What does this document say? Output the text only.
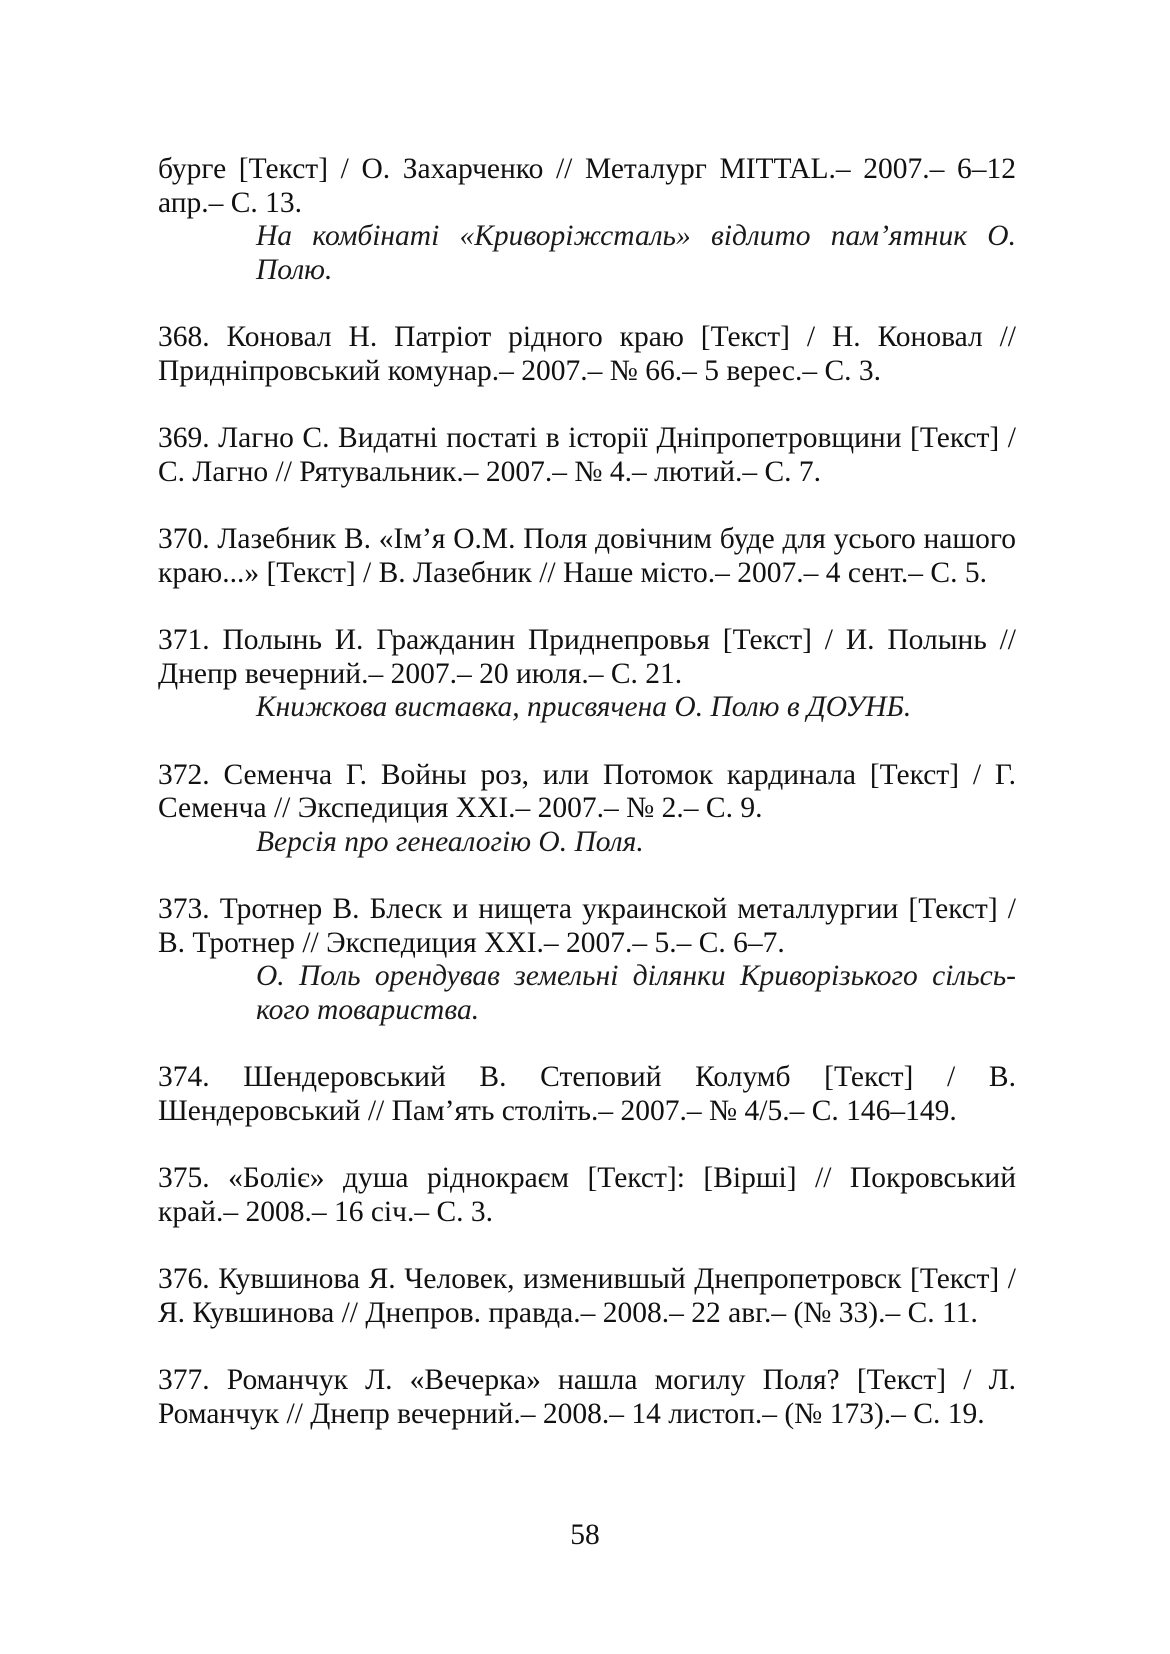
бурге [Текст] / О. Захарченко // Металург MITTAL.– 2007.– 6–12 апр.– С. 13.
На комбінаті «Криворіжсталь» відлито пам’ятник О. Полю.
368. Коновал Н. Патріот рідного краю [Текст] / Н. Коновал // Придніпровський комунар.– 2007.– № 66.– 5 верес.– С. 3.
369. Лагно С. Видатні постаті в історії Дніпропетровщини [Текст] / С. Лагно // Рятувальник.– 2007.– № 4.– лютий.– С. 7.
370. Лазебник В. «Ім’я О.М. Поля довічним буде для усього нашого краю...» [Текст] / В. Лазебник // Наше місто.– 2007.– 4 сент.– С. 5.
371. Полынь И. Гражданин Приднепровья [Текст] / И. Полынь // Днепр вечерний.– 2007.– 20 июля.– С. 21.
Книжкова виставка, присвячена О. Полю в ДОУНБ.
372. Семенча Г. Войны роз, или Потомок кардинала [Текст] / Г. Семенча // Экспедиция XXI.– 2007.– № 2.– С. 9.
Версія про генеалогію О. Поля.
373. Тротнер В. Блеск и нищета украинской металлургии [Текст] / В. Тротнер // Экспедиция XXI.– 2007.– 5.– С. 6–7.
О. Поль орендував земельні ділянки Криворізького сільсь-кого товариства.
374. Шендеровський В. Степовий Колумб [Текст] / В. Шендеровський // Пам’ять століть.– 2007.– № 4/5.– С. 146–149.
375. «Болiє» душа рiднокраєм [Текст]: [Вірші] // Покровський край.– 2008.– 16 січ.– С. 3.
376. Кувшинова Я. Человек, изменившый Днепропетровск [Текст] / Я. Кувшинова // Днепров. правда.– 2008.– 22 авг.– (№ 33).– С. 11.
377. Романчук Л. «Вечерка» нашла могилу Поля? [Текст] / Л. Романчук // Днепр вечерний.– 2008.– 14 листоп.– (№ 173).– С. 19.
58
